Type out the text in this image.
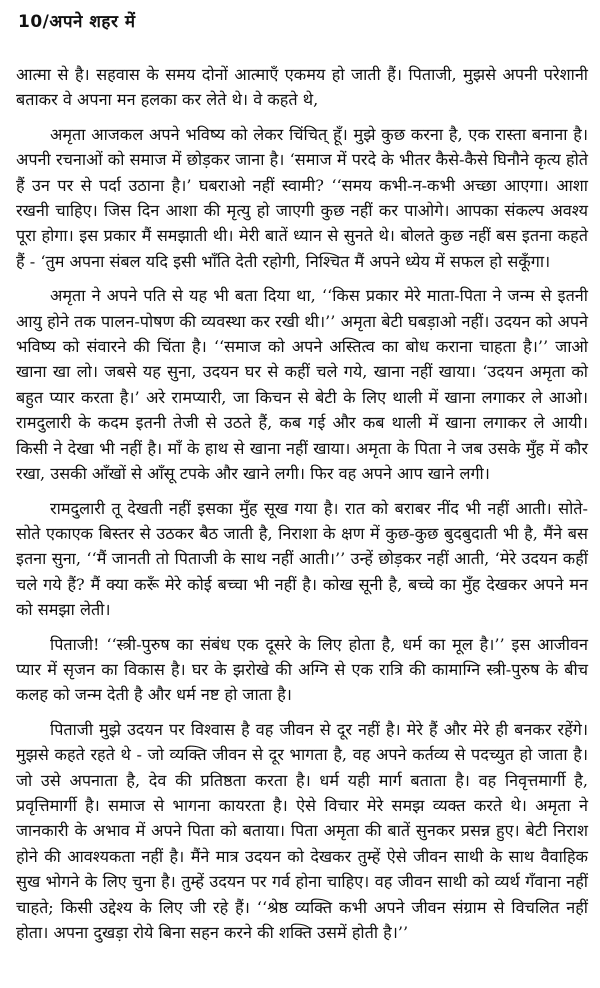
10/अपने शहर में

आत्मा से है। सहवास के समय दोनों आत्माएँ एकमय हो जाती हैं। पिताजी, मुझसे अपनी परेशानी बताकर वे अपना मन हलका कर लेते थे। वे कहते थे,

अमृता आजकल अपने भविष्य को लेकर चिंचित् हूँ। मुझे कुछ करना है, एक रास्ता बनाना है। अपनी रचनाओं को समाज में छोड़कर जाना है। ‘समाज में परदे के भीतर कैसे-कैसे घिनौने कृत्य होते हैं उन पर से पर्दा उठाना है।’ घबराओ नहीं स्वामी? ‘‘समय कभी-न-कभी अच्छा आएगा। आशा रखनी चाहिए। जिस दिन आशा की मृत्यु हो जाएगी कुछ नहीं कर पाओगे। आपका संकल्प अवश्य पूरा होगा। इस प्रकार मैं समझाती थी। मेरी बातें ध्यान से सुनते थे। बोलते कुछ नहीं बस इतना कहते हैं - ‘तुम अपना संबल यदि इसी भाँति देती रहोगी, निश्चित मैं अपने ध्येय में सफल हो सकूँगा।

अमृता ने अपने पति से यह भी बता दिया था, ‘‘किस प्रकार मेरे माता-पिता ने जन्म से इतनी आयु होने तक पालन-पोषण की व्यवस्था कर रखी थी।’’ अमृता बेटी घबड़ाओ नहीं। उदयन को अपने भविष्य को संवारने की चिंता है। ‘‘समाज को अपने अस्तित्व का बोध कराना चाहता है।’’ जाओ खाना खा लो। जबसे यह सुना, उदयन घर से कहीं चले गये, खाना नहीं खाया। ‘उदयन अमृता को बहुत प्यार करता है।’ अरे रामप्यारी, जा किचन से बेटी के लिए थाली में खाना लगाकर ले आओ। रामदुलारी के कदम इतनी तेजी से उठते हैं, कब गई और कब थाली में खाना लगाकर ले आयी। किसी ने देखा भी नहीं है। माँ के हाथ से खाना नहीं खाया। अमृता के पिता ने जब उसके मुँह में कौर रखा, उसकी आँखों से आँसू टपके और खाने लगी। फिर वह अपने आप खाने लगी।

रामदुलारी तू देखती नहीं इसका मुँह सूख गया है। रात को बराबर नींद भी नहीं आती। सोते-सोते एकाएक बिस्तर से उठकर बैठ जाती है, निराशा के क्षण में कुछ-कुछ बुदबुदाती भी है, मैंने बस इतना सुना, ‘‘मैं जानती तो पिताजी के साथ नहीं आती।’’ उन्हें छोड़कर नहीं आती, ‘मेरे उदयन कहीं चले गये हैं? मैं क्या करूँ मेरे कोई बच्चा भी नहीं है। कोख सूनी है, बच्चे का मुँह देखकर अपने मन को समझा लेती।

पिताजी! ‘‘स्त्री-पुरुष का संबंध एक दूसरे के लिए होता है, धर्म का मूल है।’’ इस आजीवन प्यार में सृजन का विकास है। घर के झरोखे की अग्नि से एक रात्रि की कामाग्नि स्त्री-पुरुष के बीच कलह को जन्म देती है और धर्म नष्ट हो जाता है।

पिताजी मुझे उदयन पर विश्वास है वह जीवन से दूर नहीं है। मेरे हैं और मेरे ही बनकर रहेंगे। मुझसे कहते रहते थे - जो व्यक्ति जीवन से दूर भागता है, वह अपने कर्तव्य से पदच्युत हो जाता है। जो उसे अपनाता है, देव की प्रतिष्ठता करता है। धर्म यही मार्ग बताता है। वह निवृत्तमार्गी है, प्रवृत्तिमार्गी है। समाज से भागना कायरता है। ऐसे विचार मेरे समझ व्यक्त करते थे। अमृता ने जानकारी के अभाव में अपने पिता को बताया। पिता अमृता की बातें सुनकर प्रसन्न हुए। बेटी निराश होने की आवश्यकता नहीं है। मैंने मात्र उदयन को देखकर तुम्हें ऐसे जीवन साथी के साथ वैवाहिक सुख भोगने के लिए चुना है। तुम्हें उदयन पर गर्व होना चाहिए। वह जीवन साथी को व्यर्थ गँवाना नहीं चाहते; किसी उद्देश्य के लिए जी रहे हैं। ‘‘श्रेष्ठ व्यक्ति कभी अपने जीवन संग्राम से विचलित नहीं होता। अपना दुखड़ा रोये बिना सहन करने की शक्ति उसमें होती है।’’
